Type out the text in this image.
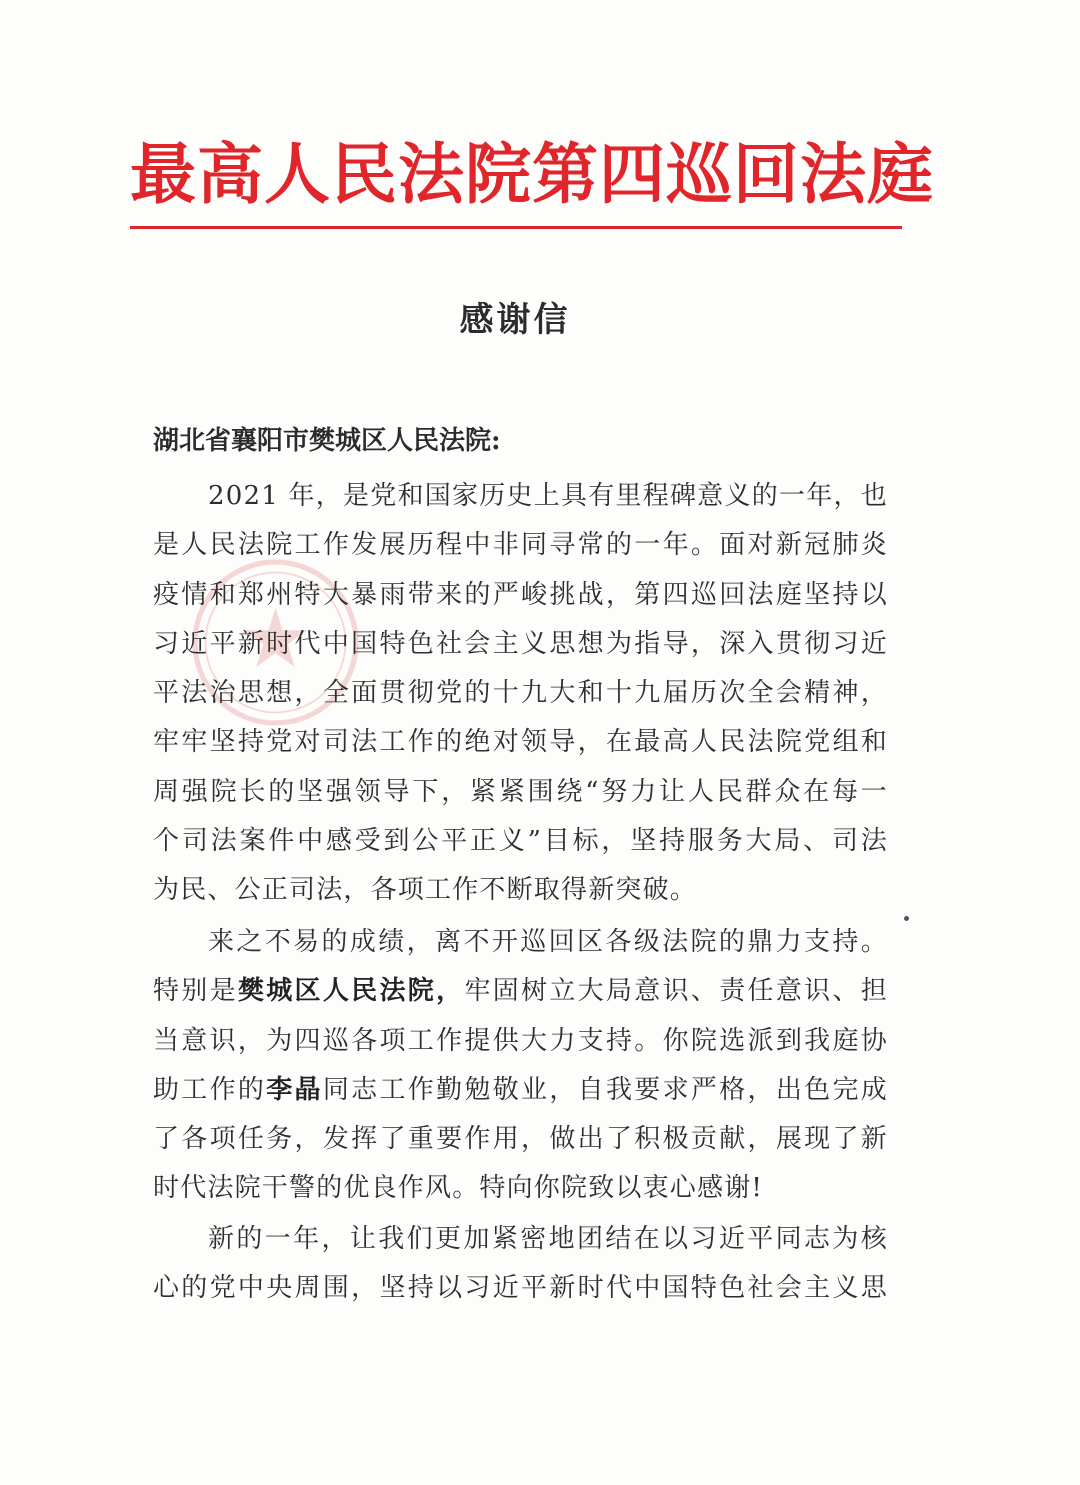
最高人民法院第四巡回法庭
感谢信
湖北省襄阳市樊城区人民法院:
2021 年，是党和国家历史上具有里程碑意义的一年，也
是人民法院工作发展历程中非同寻常的一年。面对新冠肺炎
疫情和郑州特大暴雨带来的严峻挑战，第四巡回法庭坚持以
习近平新时代中国特色社会主义思想为指导，深入贯彻习近
平法治思想，全面贯彻党的十九大和十九届历次全会精神，
牢牢坚持党对司法工作的绝对领导，在最高人民法院党组和
周强院长的坚强领导下，紧紧围绕“努力让人民群众在每一
个司法案件中感受到公平正义”目标，坚持服务大局、司法
为民、公正司法，各项工作不断取得新突破。
来之不易的成绩，离不开巡回区各级法院的鼎力支持。
特别是樊城区人民法院，牢固树立大局意识、责任意识、担
当意识，为四巡各项工作提供大力支持。你院选派到我庭协
助工作的李晶同志工作勤勉敬业，自我要求严格，出色完成
了各项任务，发挥了重要作用，做出了积极贡献，展现了新
时代法院干警的优良作风。特向你院致以衷心感谢!
新的一年，让我们更加紧密地团结在以习近平同志为核
心的党中央周围，坚持以习近平新时代中国特色社会主义思
